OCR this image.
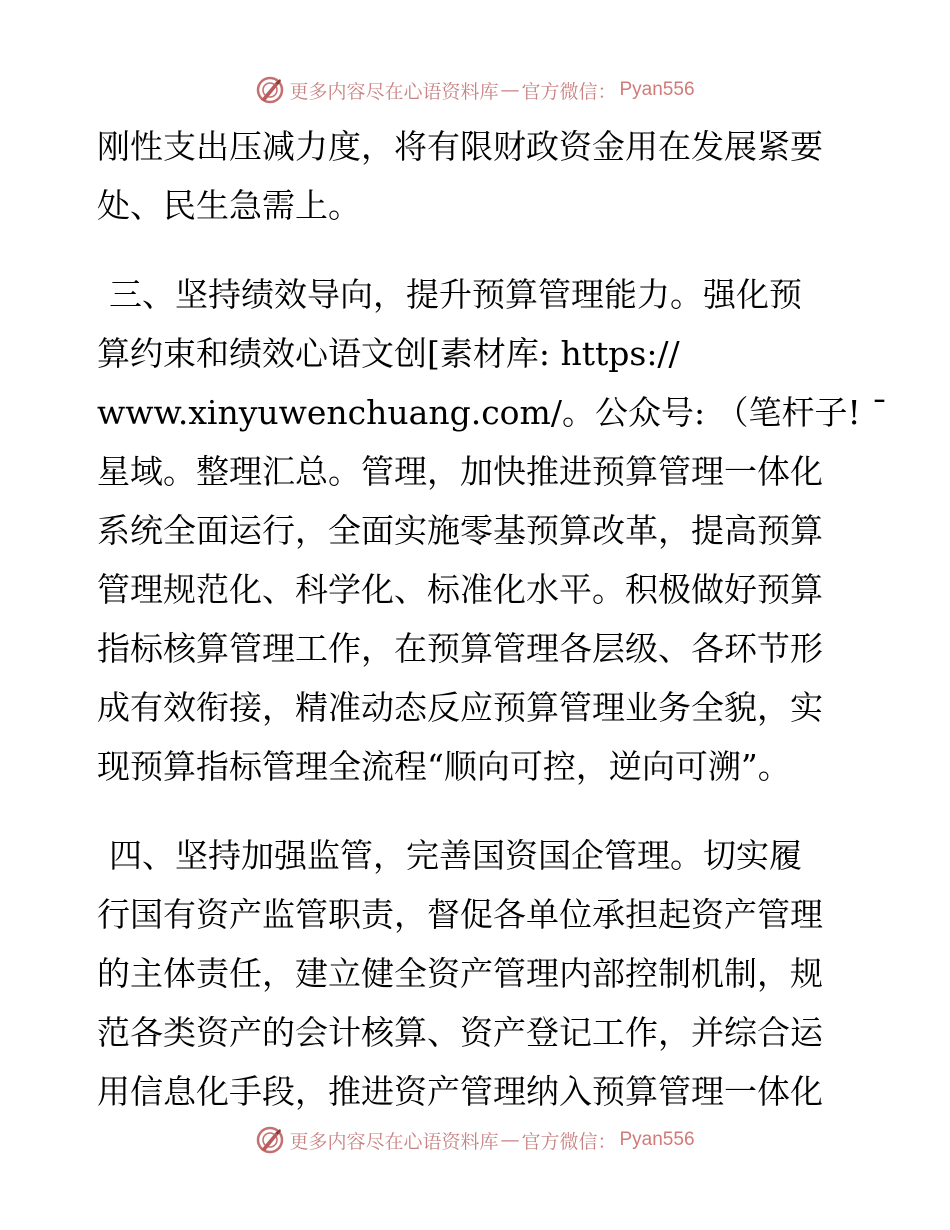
更多内容尽在心语资料库 — 官方微信： Pyan556
刚性支出压减力度，将有限财政资金用在发展紧要
处、民生急需上。
三、坚持绩效导向，提升预算管理能力。强化预
算约束和绩效心语文创[素材库: https://
www.xinyuwenchuang.com/。公众号: （笔杆子! ¯
星域。整理汇总。管理，加快推进预算管理一体化
系统全面运行，全面实施零基预算改革，提高预算
管理规范化、科学化、标准化水平。积极做好预算
指标核算管理工作，在预算管理各层级、各环节形
成有效衔接，精准动态反应预算管理业务全貌，实
现预算指标管理全流程“顺向可控，逆向可溯”。
四、坚持加强监管，完善国资国企管理。切实履
行国有资产监管职责，督促各单位承担起资产管理
的主体责任，建立健全资产管理内部控制机制，规
范各类资产的会计核算、资产登记工作，并综合运
用信息化手段，推进资产管理纳入预算管理一体化
更多内容尽在心语资料库 — 官方微信： Pyan556
